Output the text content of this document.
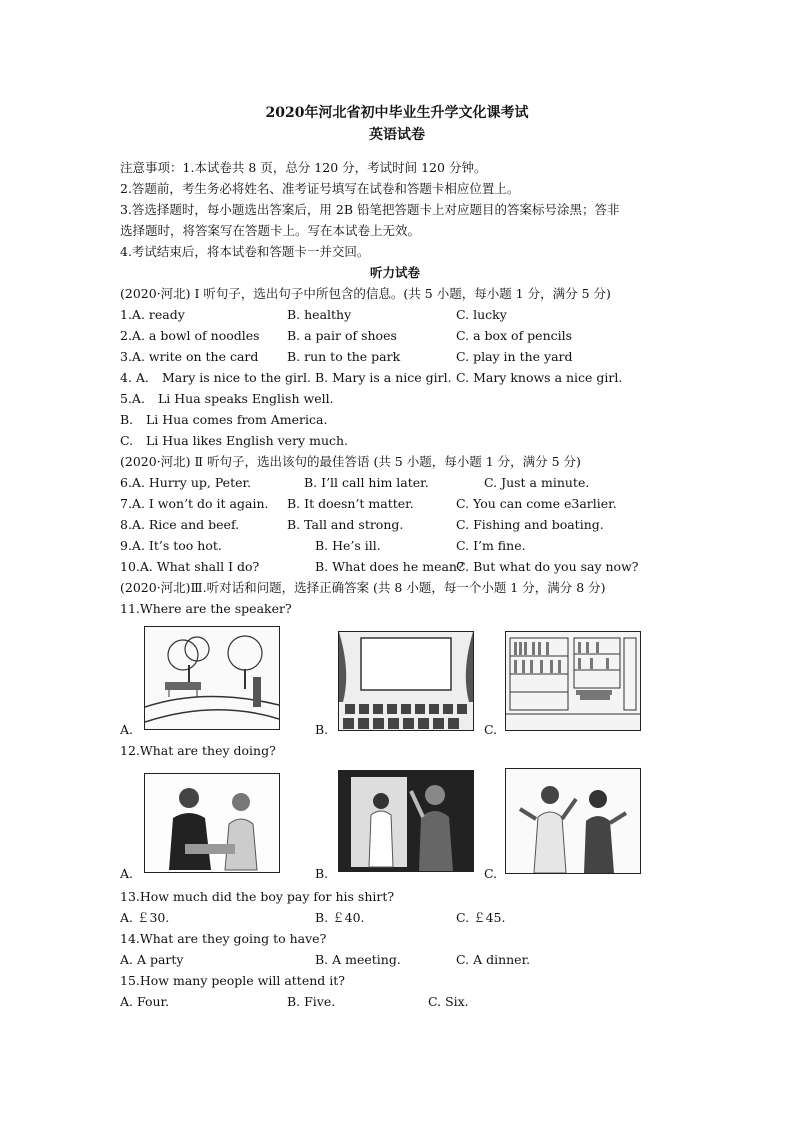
2020年河北省初中毕业生升学文化课考试
英语试卷
注意事项：1.本试卷共 8 页，总分 120 分，考试时间 120 分钟。
2.答题前，考生务必将姓名、准考证号填写在试卷和答题卡相应位置上。
3.答选择题时，每小题选出答案后，用 2B 铅笔把答题卡上对应题目的答案标号涂黑；答非
选择题时，将答案写在答题卡上。写在本试卷上无效。
4.考试结束后，将本试卷和答题卡一并交回。
听力试卷
(2020·河北) Ⅰ 听句子，选出句子中所包含的信息。(共 5 小题，每小题 1 分，满分 5 分)
1.A. ready	B. healthy	C. lucky
2.A. a bowl of noodles B. a pair of shoes	C. a box of pencils
3.A. write on the card B. run to the park	C. play in the yard
4. A. Mary is nice to the girl. B. Mary is a nice girl. C. Mary knows a nice girl.
5.A. Li Hua speaks English well.
B. Li Hua comes from America.
C. Li Hua likes English very much.
(2020·河北) Ⅱ 听句子，选出该句的最佳答语 (共 5 小题，每小题 1 分，满分 5 分)
6.A. Hurry up, Peter.	B. I’ll call him later.	C. Just a minute.
7.A. I won’t do it again. B. It doesn’t matter.	C. You can come e3arlier.
8.A. Rice and beef.	B. Tall and strong.	C. Fishing and boating.
9.A. It’s too hot.	B. He’s ill.	C. I’m fine.
10.A. What shall I do?	B. What does he mean?
C. But what do you say now?
(2020·河北)Ⅲ.听对话和问题，选择正确答案 (共 8 小题，每一个小题 1 分，满分 8 分)
11.Where are the speaker?
A.	B.	C.
12.What are they doing?
A.	B.	C.
13.How much did the boy pay for his shirt?
A. ￡30.	B. ￡40.	C. ￡45.
14.What are they going to have?
A. A party	B. A meeting.	C. A dinner.
15.How many people will attend it?
A. Four.	B. Five.	C. Six.
